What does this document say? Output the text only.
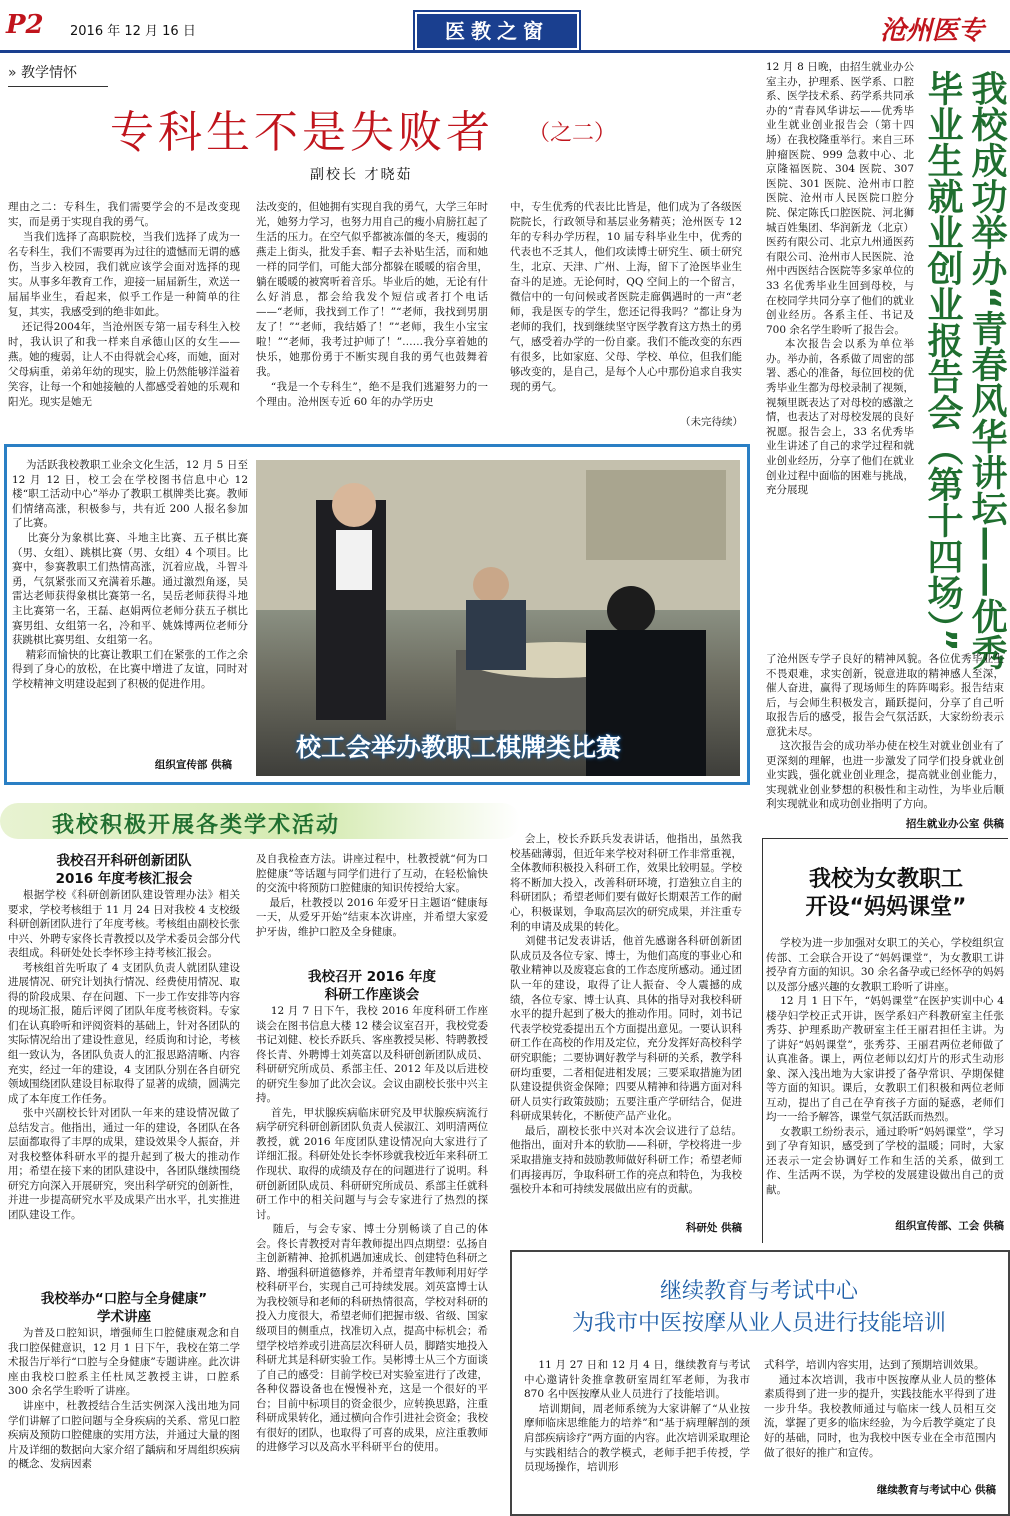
P2 2016 年 12 月 16 日	医教之窗	沧州医专
» 教学情怀
专科生不是失败者 （之二）
副校长 才晓茹
理由之二：专科生，我们需要学会的不是改变现实，而是勇于实现自我的勇气。
当我们选择了高职院校，当我们选择了成为一名专科生，我们不需要再为过往的遗憾而无谓的感伤，当步入校园，我们就应该学会面对选择的现实。从事多年教育工作，迎接一届届新生，欢送一届届毕业生，看起来，似乎工作是一种简单的往复，其实，我感受到的绝非如此。
还记得2004年，当沧州医专第一届专科生入校时，我认识了和我一样来自承德山区的女生——燕。她的瘦弱，让人不由得就会心疼，而她，面对父母病重，弟弟年幼的现实，脸上仍然能够洋溢着笑容，让每一个和她接触的人都感受着她的乐观和阳光。现实是她无
法改变的，但她拥有实现自我的勇气，大学三年时光，她努力学习，也努力用自己的瘦小肩膀扛起了生活的压力。在空气似乎都被冻僵的冬天，瘦弱的燕走上街头，批发手套、帽子去补贴生活，而和她一样的同学们，可能大部分都躲在暖暖的宿舍里，躺在暖暖的被窝听着音乐。毕业后的她，无论有什么好消息，都会给我发个短信或者打个电话——“老师，我找到工作了！”“老师，我找到男朋友了！”“老师，我结婚了！”“老师，我生小宝宝啦！”“老师，我考过护师了！”……我分享着她的快乐，她那份勇于不断实现自我的勇气也鼓舞着我。
“我是一个专科生”，绝不是我们逃避努力的一个理由。沧州医专近 60 年的办学历史
中，专生优秀的代表比比皆是，他们成为了各级医院院长，行政领导和基层业务精英；沧州医专 12 年的专科办学历程，10 届专科毕业生中，优秀的代表也不乏其人，他们攻读博士研究生、硕士研究生，北京、天津、广州、上海，留下了沧医毕业生奋斗的足迹。无论何时，QQ 空间上的一个留言，微信中的一句问候或者医院走廊偶遇时的一声“老师，我是医专的学生，您还记得我吗？”都让身为老师的我们，找到继续坚守医学教育这方热土的勇气，感受着办学的一份自豪。我们不能改变的东西有很多，比如家庭、父母、学校、单位，但我们能够改变的，是自己，是每个人心中那份追求自我实现的勇气。
（未完待续）	我校成功举办“青春风华讲坛——优秀毕业生就业创业报告会（第十四场）”
12 月 8 日晚，由招生就业办公室主办，护理系、医学系、口腔系、医学技术系、药学系共同承办的“青春风华讲坛——优秀毕业生就业创业报告会（第十四场）在我校隆重举行。来自三环肿瘤医院、999 急救中心、北京隆福医院、304 医院、307 医院、301 医院、沧州市口腔医院、沧州市人民医院口腔分院、保定陈氏口腔医院、河北狮城百姓集团、华润新龙（北京）医药有限公司、北京九州通医药有限公司、沧州市人民医院、沧州中西医结合医院等多家单位的 33 名优秀毕业生回到母校，与在校同学共同分享了他们的就业创业经历。各系主任、书记及 700 余名学生聆听了报告会。
本次报告会以系为单位举办。举办前，各系做了周密的部署、悉心的准备，每位回校的优秀毕业生都为母校录制了视频，视频里既表达了对母校的感激之情，也表达了对母校发展的良好祝愿。报告会上，33 名优秀毕业生讲述了自己的求学过程和就业创业经历，分享了他们在就业创业过程中面临的困难与挑战，充分展现
了沧州医专学子良好的精神风貌。各位优秀毕业生不畏艰难，求实创新，锐意进取的精神感人至深，催人奋进，赢得了现场师生的阵阵喝彩。报告结束后，与会师生积极发言，踊跃提问，分享了自己听取报告后的感受，报告会气氛活跃，大家纷纷表示意犹未尽。
这次报告会的成功举办使在校生对就业创业有了更深刻的理解，也进一步激发了同学们投身就业创业实践，强化就业创业理念，提高就业创业能力，实现就业创业梦想的积极性和主动性，为毕业后顺利实现就业和成功创业指明了方向。
招生就业办公室 供稿
为活跃我校教职工业余文化生活，12 月 5 日至 12 月 12 日，校工会在学校图书信息中心 12 楼“职工活动中心”举办了教职工棋牌类比赛。教师们情绪高涨，积极参与，共有近 200 人报名参加了比赛。
比赛分为象棋比赛、斗地主比赛、五子棋比赛（男、女组）、跳棋比赛（男、女组）4 个项目。比赛中，参赛教职工们热情高涨，沉着应战，斗智斗勇，气氛紧张而又充满着乐趣。通过激烈角逐，吴雷达老师获得象棋比赛第一名，吴岳老师获得斗地主比赛第一名，王磊、赵娟两位老师分获五子棋比赛男组、女组第一名，冷和平、姚姝博两位老师分获跳棋比赛男组、女组第一名。
精彩而愉快的比赛让教职工们在紧张的工作之余得到了身心的放松，在比赛中增进了友谊，同时对学校精神文明建设起到了积极的促进作用。
组织宣传部 供稿
校工会举办教职工棋牌类比赛
我校积极开展各类学术活动
我校召开科研创新团队
2016 年度考核汇报会
根据学校《科研创新团队建设管理办法》相关要求，学校考核组于 11 月 24 日对我校 4 支校级科研创新团队进行了年度考核。考核组由副校长张中兴、外聘专家佟长青教授以及学术委员会部分代表组成。科研处处长李怀珍主持考核汇报会。
考核组首先听取了 4 支团队负责人就团队建设进展情况、研究计划执行情况、经费使用情况、取得的阶段成果、存在问题、下一步工作安排等内容的现场汇报，随后评阅了团队年度考核资料。专家们在认真聆听和评阅资料的基础上，针对各团队的实际情况给出了建设性意见，经质询和讨论，考核组一致认为，各团队负责人的汇报思路清晰、内容充实，经过一年的建设，4 支团队分别在各自研究领域围绕团队建设目标取得了显著的成绩，圆满完成了本年度工作任务。
张中兴副校长针对团队一年来的建设情况做了总结发言。他指出，通过一年的建设，各团队在各层面都取得了丰厚的成果，建设效果令人振奋，并对我校整体科研水平的提升起到了极大的推动作用；希望在接下来的团队建设中，各团队继续围绕研究方向深入开展研究，突出科学研究的创新性，并进一步提高研究水平及成果产出水平，扎实推进团队建设工作。
我校举办“口腔与全身健康”
学术讲座
为普及口腔知识，增强师生口腔健康观念和自我口腔保健意识，12 月 1 日下午，我校在第二学术报告厅举行“口腔与全身健康”专题讲座。此次讲座由我校口腔系主任杜凤芝教授主讲，口腔系 300 余名学生聆听了讲座。
讲座中，杜教授结合生活实例深入浅出地为同学们讲解了口腔问题与全身疾病的关系、常见口腔疾病及预防口腔健康的实用方法，并通过大量的图片及详细的数据向大家介绍了龋病和牙周组织疾病的概念、发病因素
及自我检查方法。讲座过程中，杜教授就“何为口腔健康”等话题与同学们进行了互动，在轻松愉快的交流中将预防口腔健康的知识传授给大家。
最后，杜教授以 2016 年爱牙日主题语“健康每一天，从爱牙开始”结束本次讲座，并希望大家爱护牙齿，维护口腔及全身健康。
我校召开 2016 年度
科研工作座谈会
12 月 7 日下午，我校 2016 年度科研工作座谈会在图书信息大楼 12 楼会议室召开，我校党委书记刘健、校长乔跃兵、客座教授吴彬、特聘教授佟长青、外聘博士刘英富以及科研创新团队成员、科研研究所成员、系部主任、2012 年及以后进校的研究生参加了此次会议。会议由副校长张中兴主持。
首先，甲状腺疾病临床研究及甲状腺疾病流行病学研究科研创新团队负责人侯淑江、刘明清两位教授，就 2016 年度团队建设情况向大家进行了详细汇报。科研处处长李怀珍就我校近年来科研工作现状、取得的成绩及存在的问题进行了说明。科研创新团队成员、科研研究所成员、系部主任就科研工作中的相关问题与与会专家进行了热烈的探讨。
随后，与会专家、博士分别畅谈了自己的体会。佟长青教授对青年教师提出四点期望：弘扬自主创新精神、抢抓机遇加速成长、创建特色科研之路、增强科研道德修养，并希望青年教师利用好学校科研平台，实现自己可持续发展。刘英富博士认为我校领导和老师的科研热情很高，学校对科研的投入力度很大，希望老师们把握市级、省级、国家级项目的侧重点，找准切入点，提高中标机会；希望学校培养或引进高层次科研人员，脚踏实地投入科研尤其是科研实验工作。吴彬博士从三个方面谈了自己的感受：目前学校已对实验室进行了改建，各种仪器设备也在慢慢补充，这是一个很好的平台；目前中标项目的资金很少，应转换思路，注重科研成果转化，通过横向合作引进社会资金；我校有很好的团队，也取得了可喜的成果，应注重教师的进修学习以及高水平科研平台的使用。
会上，校长乔跃兵发表讲话，他指出，虽然我校基础薄弱，但近年来学校对科研工作非常重视，全体教师积极投入科研工作，效果比较明显。学校将不断加大投入，改善科研环境，打造独立自主的科研团队；希望老师们要有做好长期艰苦工作的耐心，积极谋划，争取高层次的研究成果，并注重专利的申请及成果的转化。
刘健书记发表讲话，他首先感谢各科研创新团队成员及各位专家、博士，为他们高度的事业心和敬业精神以及废寝忘食的工作态度所感动。通过团队一年的建设，取得了让人振奋、令人震撼的成绩，各位专家、博士认真、具体的指导对我校科研水平的提升起到了极大的推动作用。同时，刘书记代表学校党委提出五个方面提出意见。一要认识科研工作在高校的作用及定位，充分发挥好高校科学研究职能；二要协调好教学与科研的关系，教学科研均重要，二者相促进相发展；三要采取措施为团队建设提供资金保障；四要从精神和待遇方面对科研人员实行政策鼓励；五要注重产学研结合，促进科研成果转化，不断使产品产业化。
最后，副校长张中兴对本次会议进行了总结。他指出，面对升本的软肋——科研，学校将进一步采取措施支持和鼓励教师做好科研工作；希望老师们再接再厉，争取科研工作的亮点和特色，为我校强校升本和可持续发展做出应有的贡献。
科研处 供稿
我校为女教职工
开设“妈妈课堂”
学校为进一步加强对女职工的关心，学校组织宣传部、工会联合开设了“妈妈课堂”，为女教职工讲授孕育方面的知识。30 余名备孕或已经怀孕的妈妈以及部分感兴趣的女教职工聆听了讲座。
12 月 1 日下午，“妈妈课堂”在医护实训中心 4 楼孕妇学校正式开讲，医学系妇产科教研室主任张秀芬、护理系助产教研室主任王丽君担任主讲。为了讲好“妈妈课堂”，张秀芬、王丽君两位老师做了认真准备。课上，两位老师以幻灯片的形式生动形象、深入浅出地为大家讲授了备孕常识、孕期保健等方面的知识。课后，女教职工们积极和两位老师互动，提出了自己在孕育孩子方面的疑惑，老师们均一一给予解答，课堂气氛活跃而热烈。
女教职工纷纷表示，通过聆听“妈妈课堂”，学习到了孕育知识，感受到了学校的温暖；同时，大家还表示一定会协调好工作和生活的关系，做到工作、生活两不误，为学校的发展建设做出自己的贡献。
组织宣传部、工会 供稿
继续教育与考试中心
为我市中医按摩从业人员进行技能培训
11 月 27 日和 12 月 4 日，继续教育与考试中心邀请针灸推拿教研室周红军老师，为我市 870 名中医按摩从业人员进行了技能培训。
培训期间，周老师系统为大家讲解了“从业按摩师临床思维能力的培养”和“基于病理解剖的颈肩部疾病诊疗”两方面的内容。此次培训采取理论与实践相结合的教学模式，老师手把手传授，学员现场操作，培训形
式科学，培训内容实用，达到了预期培训效果。
通过本次培训，我市中医按摩从业人员的整体素质得到了进一步的提升，实践技能水平得到了进一步升华。我校教师通过与临床一线人员相互交流，掌握了更多的临床经验，为今后教学奠定了良好的基础，同时，也为我校中医专业在全市范围内做了很好的推广和宣传。
继续教育与考试中心 供稿
